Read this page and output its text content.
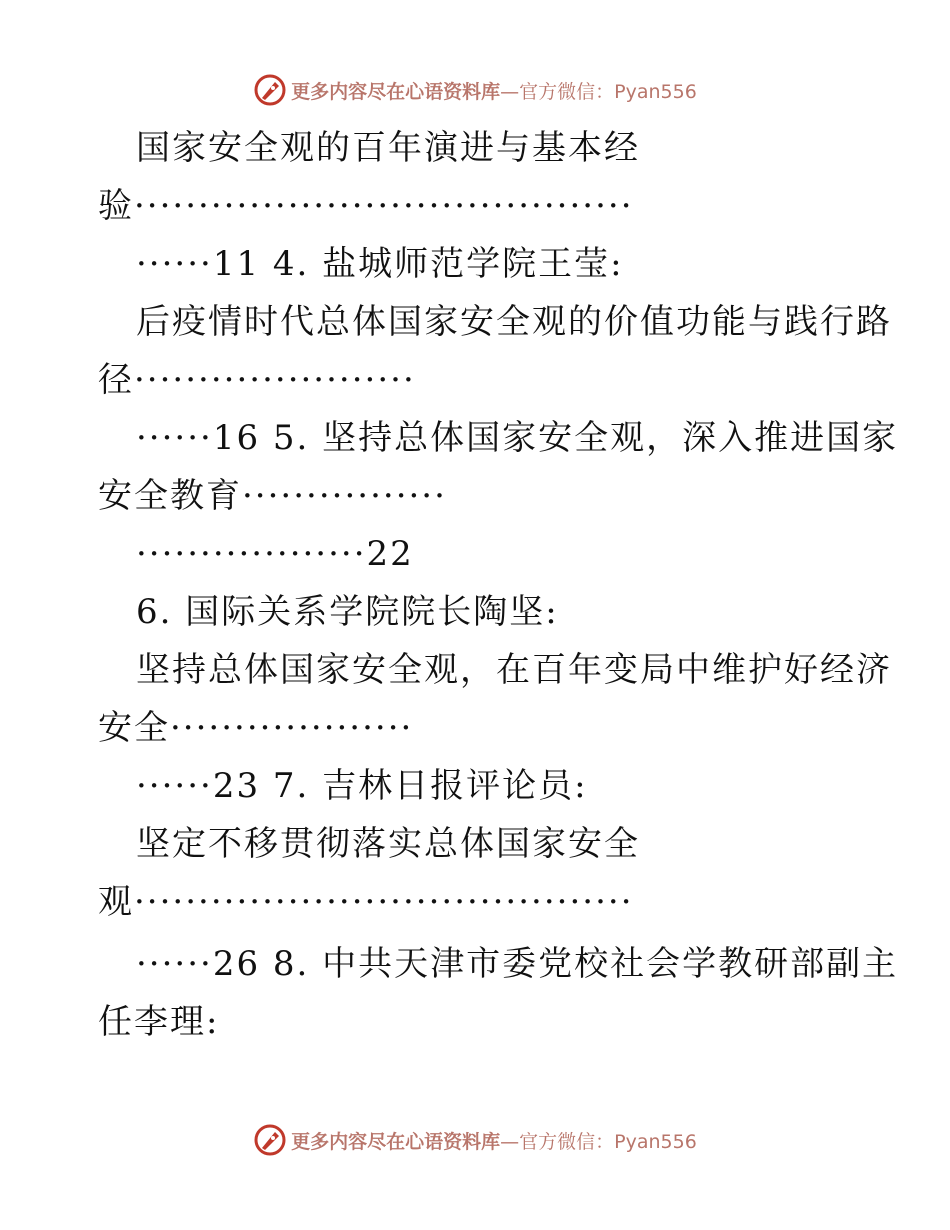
更多内容尽在心语资料库 —官方微信：Pyan556
国家安全观的百年演进与基本经
验·······································
······11 4. 盐城师范学院王莹:
后疫情时代总体国家安全观的价值功能与践行路
径······················
······16 5. 坚持总体国家安全观，深入推进国家
安全教育················
··················22
6. 国际关系学院院长陶坚:
坚持总体国家安全观，在百年变局中维护好经济
安全···················
······23 7. 吉林日报评论员:
坚定不移贯彻落实总体国家安全
观·······································
······26 8. 中共天津市委党校社会学教研部副主
任李理:
更多内容尽在心语资料库 —官方微信：Pyan556
